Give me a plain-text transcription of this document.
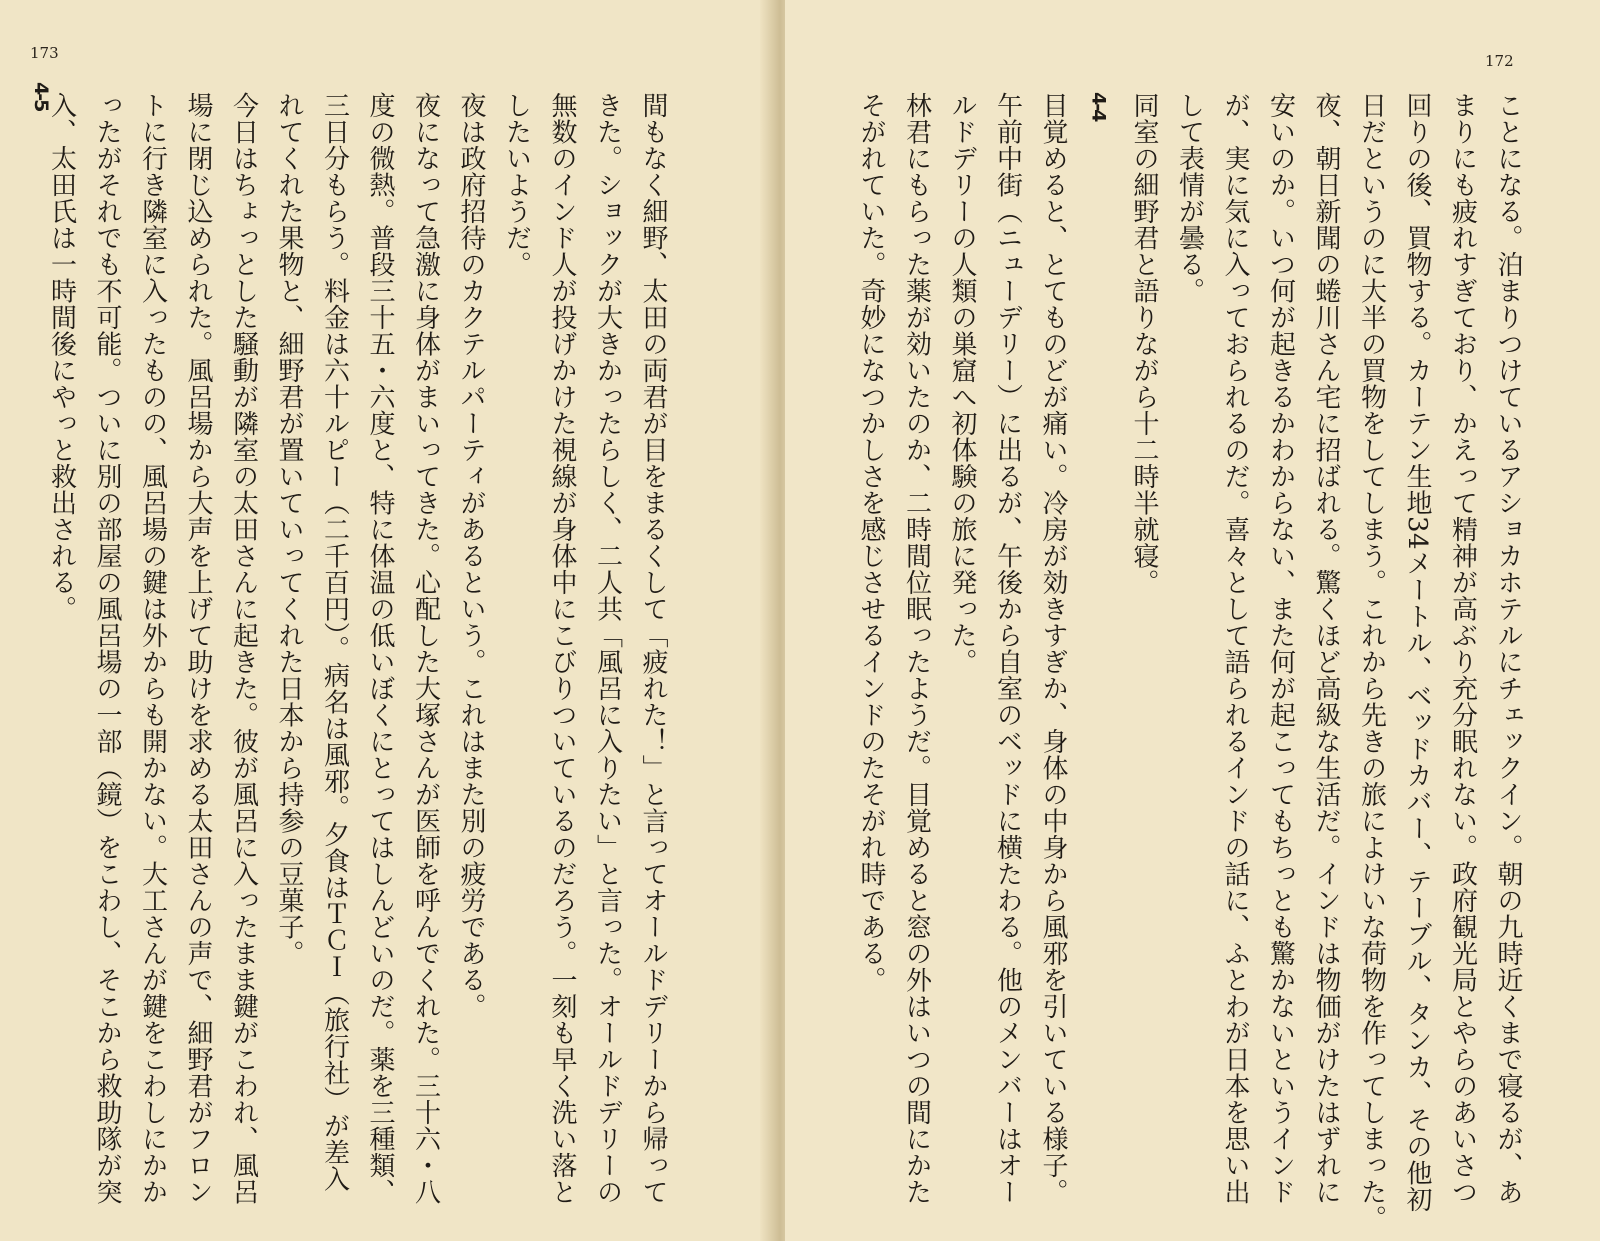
173
4-5	間もなく細野、太田の両君が目をまるくして「疲れた！」と言ってオールドデリーから帰って
きた。ショックが大きかったらしく、二人共「風呂に入りたい」と言った。オールドデリーの
無数のインド人が投げかけた視線が身体中にこびりついているのだろう。一刻も早く洗い落と
したいようだ。
夜は政府招待のカクテルパーティがあるという。これはまた別の疲労である。
夜になって急激に身体がまいってきた。心配した大塚さんが医師を呼んでくれた。三十六・八
度の微熱。普段三十五・六度と、特に体温の低いぼくにとってはしんどいのだ。薬を三種類、
三日分もらう。料金は六十ルピー（二千百円）。病名は風邪。夕食はＴＣＩ（旅行社）が差入
れてくれた果物と、細野君が置いていってくれた日本から持参の豆菓子。
今日はちょっとした騒動が隣室の太田さんに起きた。彼が風呂に入ったまま鍵がこわれ、風呂
場に閉じ込められた。風呂場から大声を上げて助けを求める太田さんの声で、細野君がフロン
トに行き隣室に入ったものの、風呂場の鍵は外からも開かない。大工さんが鍵をこわしにかか
ったがそれでも不可能。ついに別の部屋の風呂場の一部（鏡）をこわし、そこから救助隊が突
入、太田氏は一時間後にやっと救出される。
172
ことになる。泊まりつけているアショカホテルにチェックイン。朝の九時近くまで寝るが、あ
まりにも疲れすぎており、かえって精神が高ぶり充分眠れない。政府観光局とやらのあいさつ
回りの後、買物する。カーテン生地34メートル、ベッドカバー、テーブル、タンカ、その他初
日だというのに大半の買物をしてしまう。これから先きの旅によけいな荷物を作ってしまった。
夜、朝日新聞の蜷川さん宅に招ばれる。驚くほど高級な生活だ。インドは物価がけたはずれに
安いのか。いつ何が起きるかわからない、また何が起こってもちっとも驚かないというインド
が、実に気に入っておられるのだ。喜々として語られるインドの話に、ふとわが日本を思い出
して表情が曇る。
同室の細野君と語りながら十二時半就寝。
4-4
目覚めると、とてものどが痛い。冷房が効きすぎか、身体の中身から風邪を引いている様子。
午前中街（ニューデリー）に出るが、午後から自室のベッドに横たわる。他のメンバーはオー
ルドデリーの人類の巣窟へ初体験の旅に発った。
林君にもらった薬が効いたのか、二時間位眠ったようだ。目覚めると窓の外はいつの間にかた
そがれていた。奇妙になつかしさを感じさせるインドのたそがれ時である。
